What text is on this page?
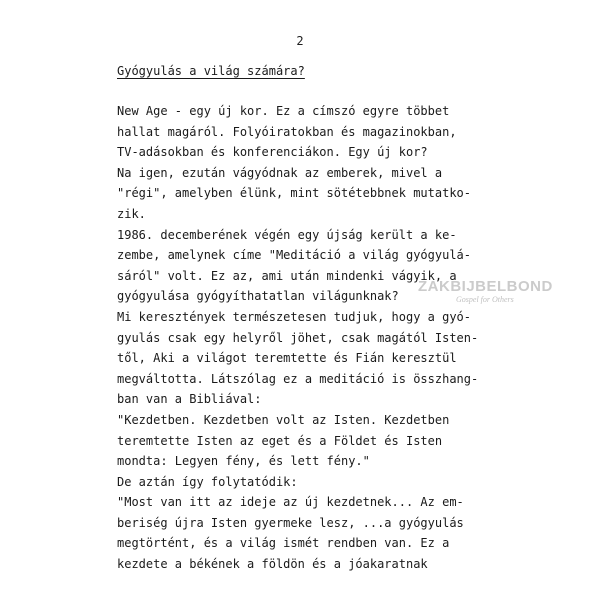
2

Gyógyulás a világ számára?
New Age - egy új kor. Ez a címszó egyre többet
hallat magáról. Folyóiratokban és magazinokban,
TV-adásokban és konferenciákon. Egy új kor?
Na igen, ezután vágyódnak az emberek, mivel a
"régi", amelyben élünk, mint sötétebbnek mutatko-
zik.
1986. decemberének végén egy újság került a ke-
zembe, amelynek címe "Meditáció a világ gyógyulá-
sáról" volt. Ez az, ami után mindenki vágyik, a
gyógyulása gyógyíthatatlan világunknak?
Mi keresztények természetesen tudjuk, hogy a gyó-
gyulás csak egy helyről jöhet, csak magától Isten-
től, Aki a világot teremtette és Fián keresztül
megváltotta. Látszólag ez a meditáció is összhang-
ban van a Bibliával:
"Kezdetben. Kezdetben volt az Isten. Kezdetben
teremtette Isten az eget és a Földet és Isten
mondta: Legyen fény, és lett fény."
De aztán így folytatódik:
"Most van itt az ideje az új kezdetnek... Az em-
beriség újra Isten gyermeke lesz, ...a gyógyulás
megtörtént, és a világ ismét rendben van. Ez a
kezdete a békének a földön és a jóakaratnak
ZAKBIJBELBOND
Gospel for Others
